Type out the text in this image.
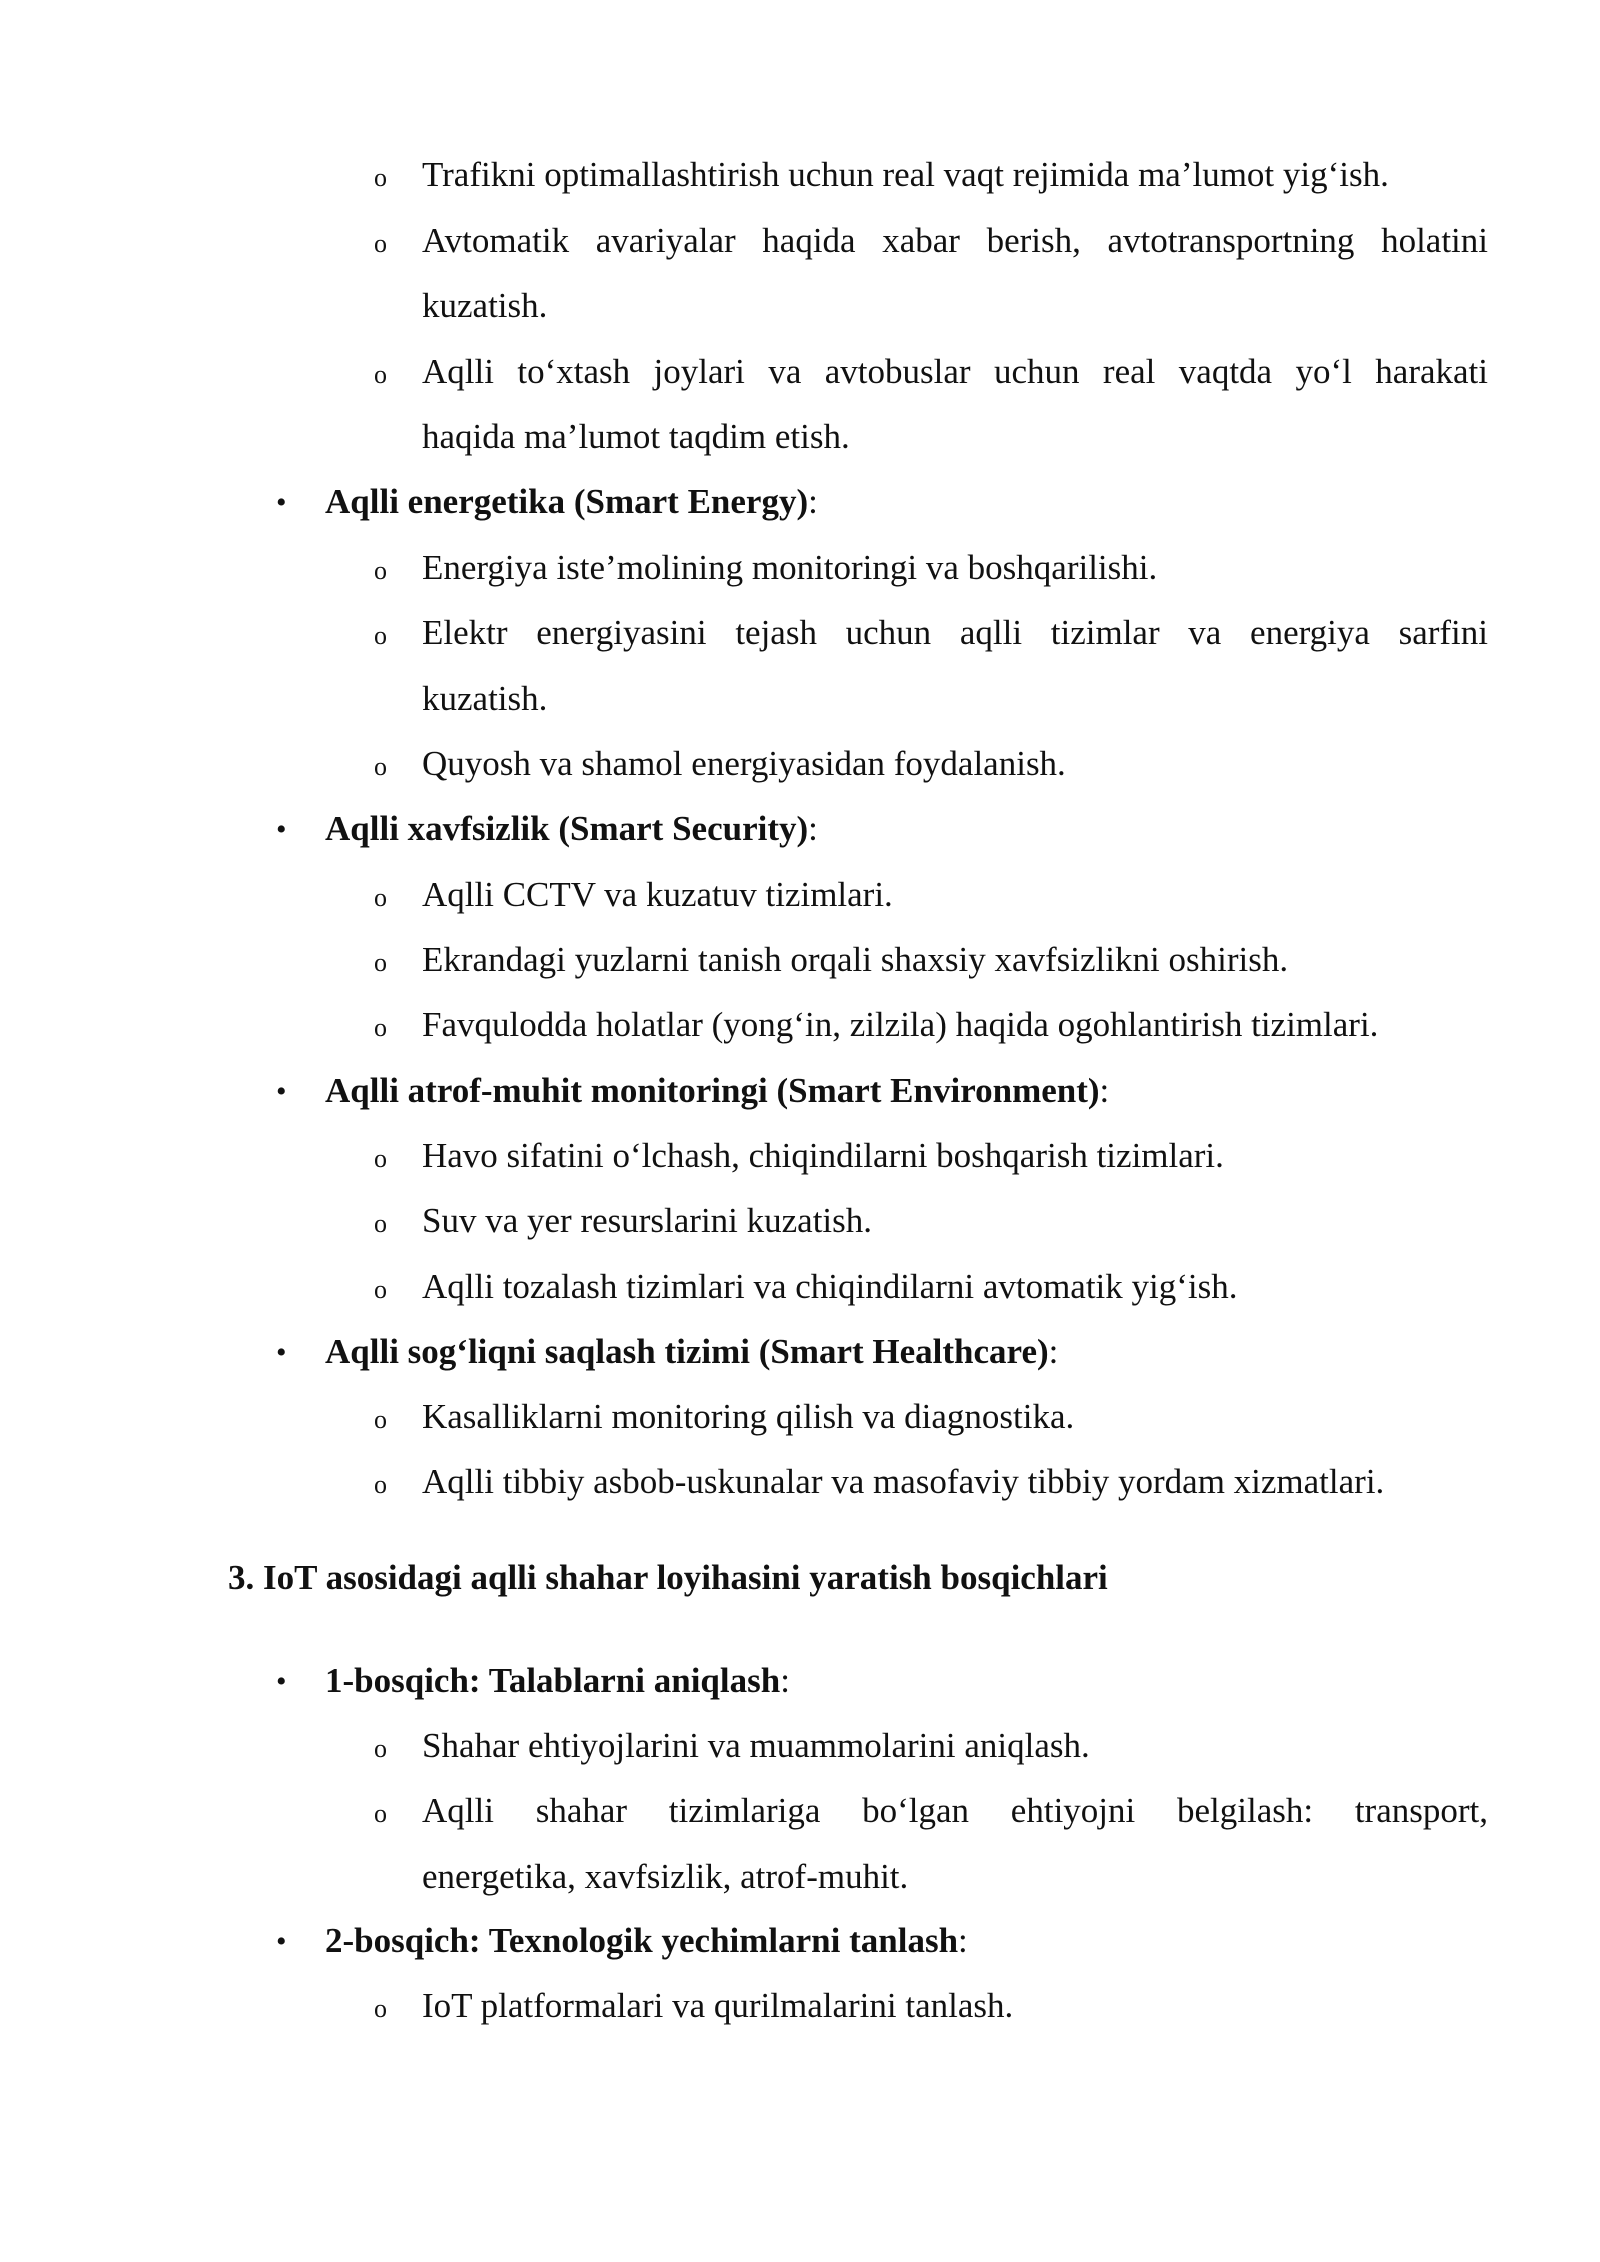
o Trafikni optimallashtirish uchun real vaqt rejimida ma’lumot yig‘ish.
o Avtomatik avariyalar haqida xabar berish, avtotransportning holatini
kuzatish.
o Aqlli to‘xtash joylari va avtobuslar uchun real vaqtda yo‘l harakati
haqida ma’lumot taqdim etish.
• Aqlli energetika (Smart Energy):
o Energiya iste’molining monitoringi va boshqarilishi.
o Elektr energiyasini tejash uchun aqlli tizimlar va energiya sarfini
kuzatish.
o Quyosh va shamol energiyasidan foydalanish.
• Aqlli xavfsizlik (Smart Security):
o Aqlli CCTV va kuzatuv tizimlari.
o Ekrandagi yuzlarni tanish orqali shaxsiy xavfsizlikni oshirish.
o Favqulodda holatlar (yong‘in, zilzila) haqida ogohlantirish tizimlari.
• Aqlli atrof-muhit monitoringi (Smart Environment):
o Havo sifatini o‘lchash, chiqindilarni boshqarish tizimlari.
o Suv va yer resurslarini kuzatish.
o Aqlli tozalash tizimlari va chiqindilarni avtomatik yig‘ish.
• Aqlli sog‘liqni saqlash tizimi (Smart Healthcare):
o Kasalliklarni monitoring qilish va diagnostika.
o Aqlli tibbiy asbob-uskunalar va masofaviy tibbiy yordam xizmatlari.
3. IoT asosidagi aqlli shahar loyihasini yaratish bosqichlari
• 1-bosqich: Talablarni aniqlash:
o Shahar ehtiyojlarini va muammolarini aniqlash.
o Aqlli shahar tizimlariga bo‘lgan ehtiyojni belgilash: transport,
energetika, xavfsizlik, atrof-muhit.
• 2-bosqich: Texnologik yechimlarni tanlash:
o IoT platformalari va qurilmalarini tanlash.
